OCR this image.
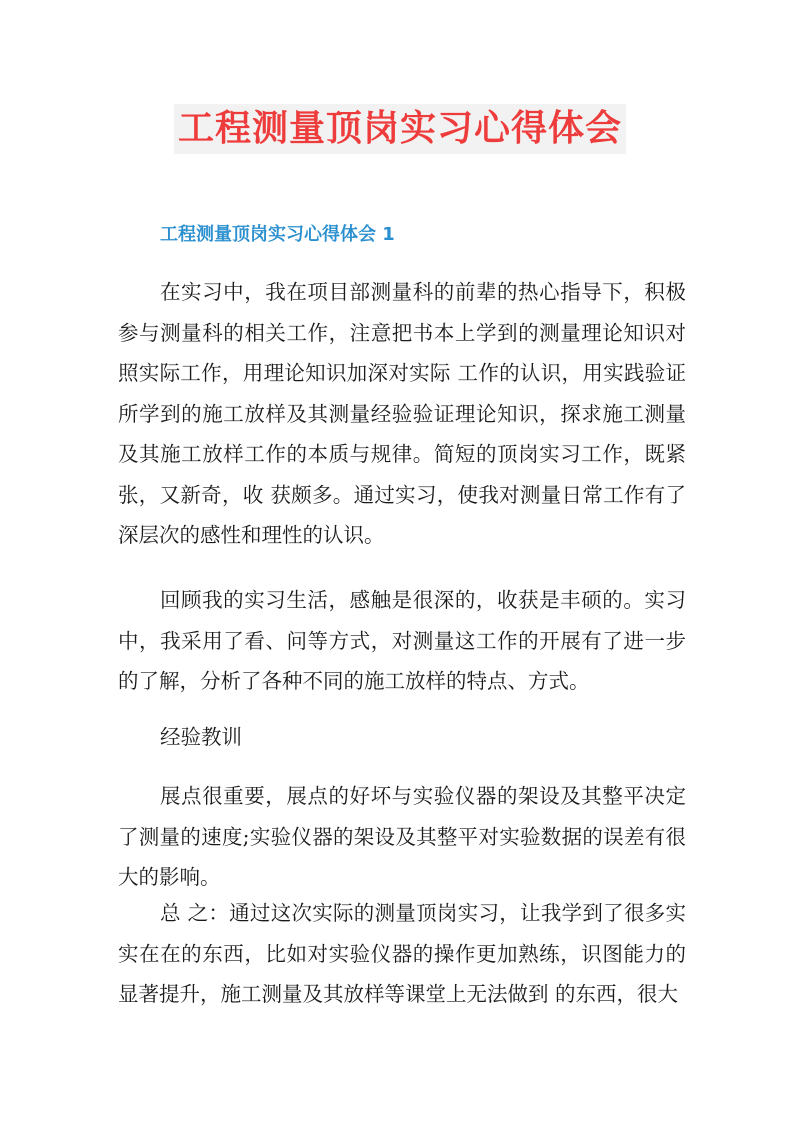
工程测量顶岗实习心得体会
工程测量顶岗实习心得体会 1

在实习中，我在项目部测量科的前辈的热心指导下，积极参与测量科的相关工作，注意把书本上学到的测量理论知识对照实际工作，用理论知识加深对实际 工作的认识，用实践验证所学到的施工放样及其测量经验验证理论知识，探求施工测量及其施工放样工作的本质与规律。简短的顶岗实习工作，既紧张，又新奇，收 获颇多。通过实习，使我对测量日常工作有了深层次的感性和理性的认识。

回顾我的实习生活，感触是很深的，收获是丰硕的。实习中，我采用了看、问等方式，对测量这工作的开展有了进一步的了解，分析了各种不同的施工放样的特点、方式。

经验教训

展点很重要，展点的好坏与实验仪器的架设及其整平决定了测量的速度;实验仪器的架设及其整平对实验数据的误差有很大的影响。

总 之：通过这次实际的测量顶岗实习，让我学到了很多实实在在的东西，比如对实验仪器的操作更加熟练，识图能力的显著提升，施工测量及其放样等课堂上无法做到 的东西，很大
